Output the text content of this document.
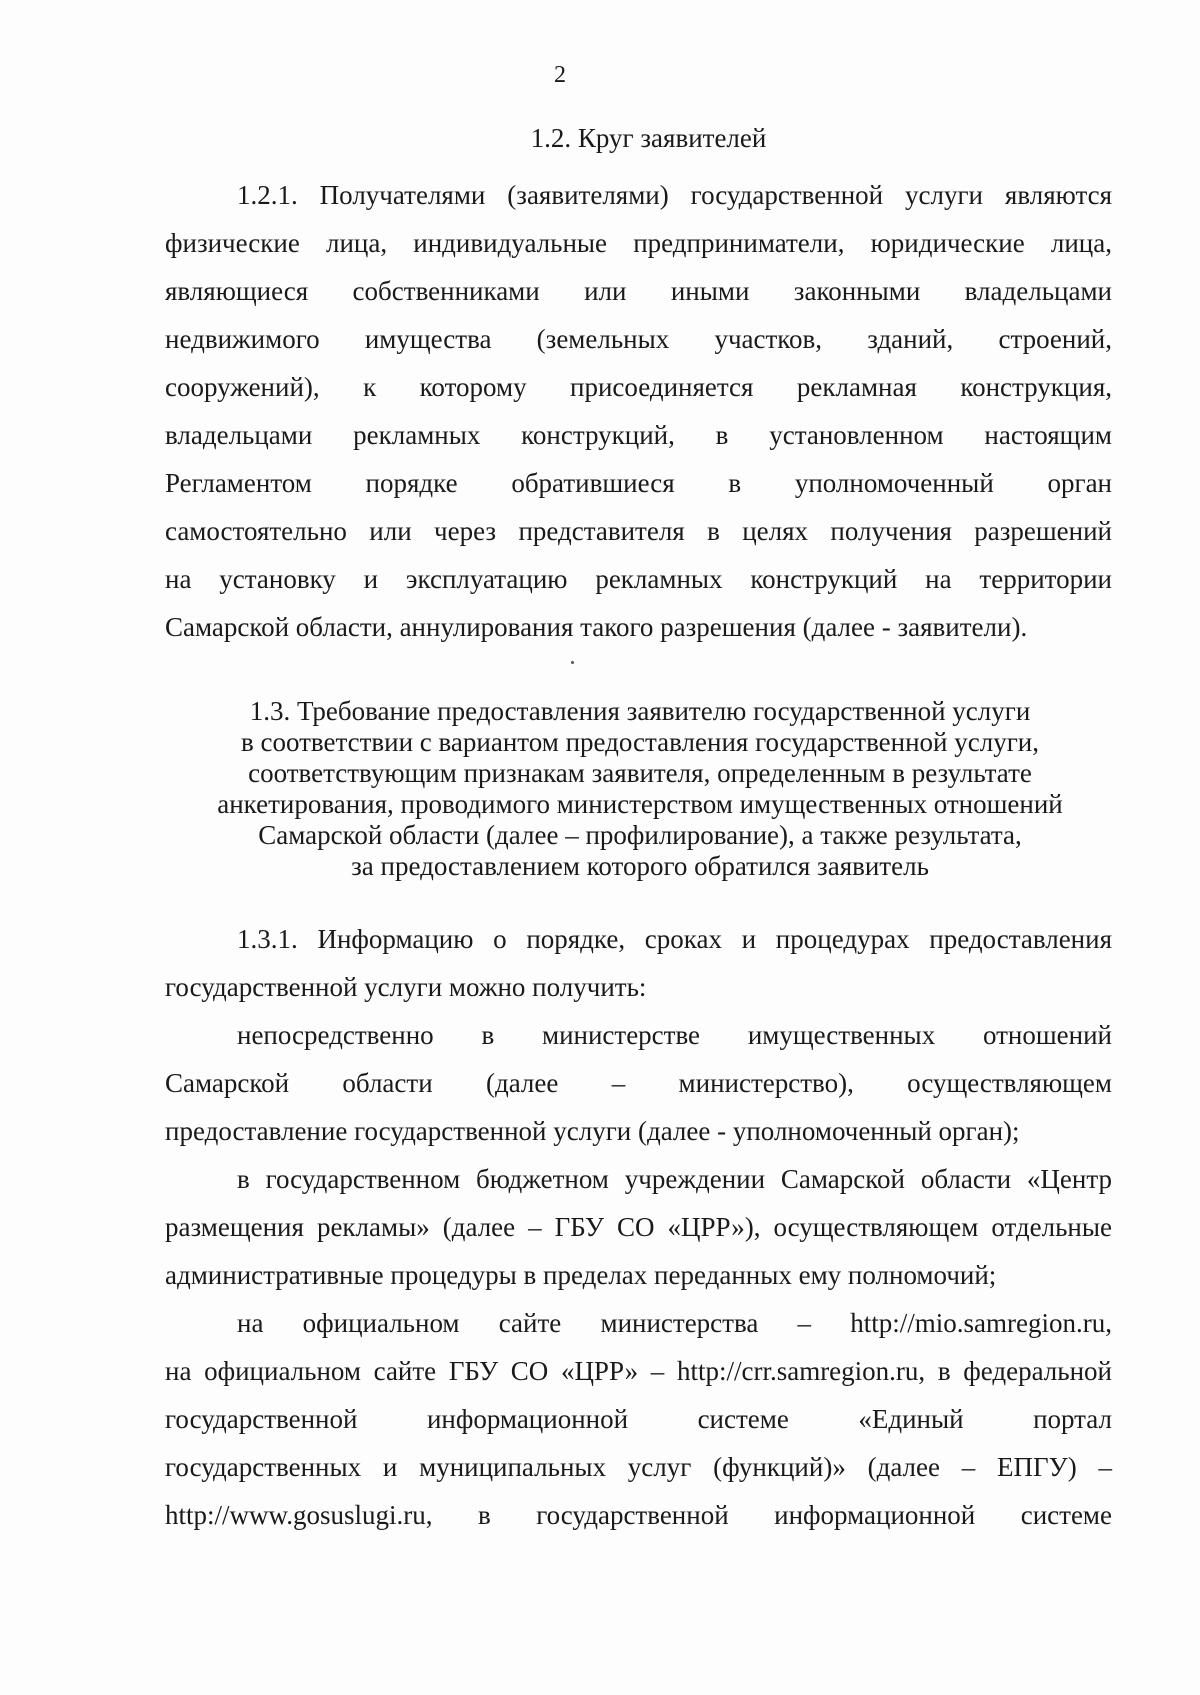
2
1.2. Круг заявителей
1.2.1. Получателями (заявителями) государственной услуги являются
физические лица, индивидуальные предприниматели, юридические лица,
являющиеся собственниками или иными законными владельцами
недвижимого имущества (земельных участков, зданий, строений,
сооружений), к которому присоединяется рекламная конструкция,
владельцами рекламных конструкций, в установленном настоящим
Регламентом порядке обратившиеся в уполномоченный орган
самостоятельно или через представителя в целях получения разрешений
на установку и эксплуатацию рекламных конструкций на территории
Самарской области, аннулирования такого разрешения (далее - заявители).
1.3. Требование предоставления заявителю государственной услуги
в соответствии с вариантом предоставления государственной услуги,
соответствующим признакам заявителя, определенным в результате
анкетирования, проводимого министерством имущественных отношений
Самарской области (далее – профилирование), а также результата,
за предоставлением которого обратился заявитель
1.3.1. Информацию о порядке, сроках и процедурах предоставления
государственной услуги можно получить:
непосредственно в министерстве имущественных отношений
Самарской области (далее – министерство), осуществляющем
предоставление государственной услуги (далее - уполномоченный орган);
в государственном бюджетном учреждении Самарской области «Центр
размещения рекламы» (далее – ГБУ СО «ЦРР»), осуществляющем отдельные
административные процедуры в пределах переданных ему полномочий;
на официальном сайте министерства – http://mio.samregion.ru,
на официальном сайте ГБУ СО «ЦРР» – http://crr.samregion.ru, в федеральной
государственной информационной системе «Единый портал
государственных и муниципальных услуг (функций)» (далее – ЕПГУ) –
http://www.gosuslugi.ru, в государственной информационной системе
